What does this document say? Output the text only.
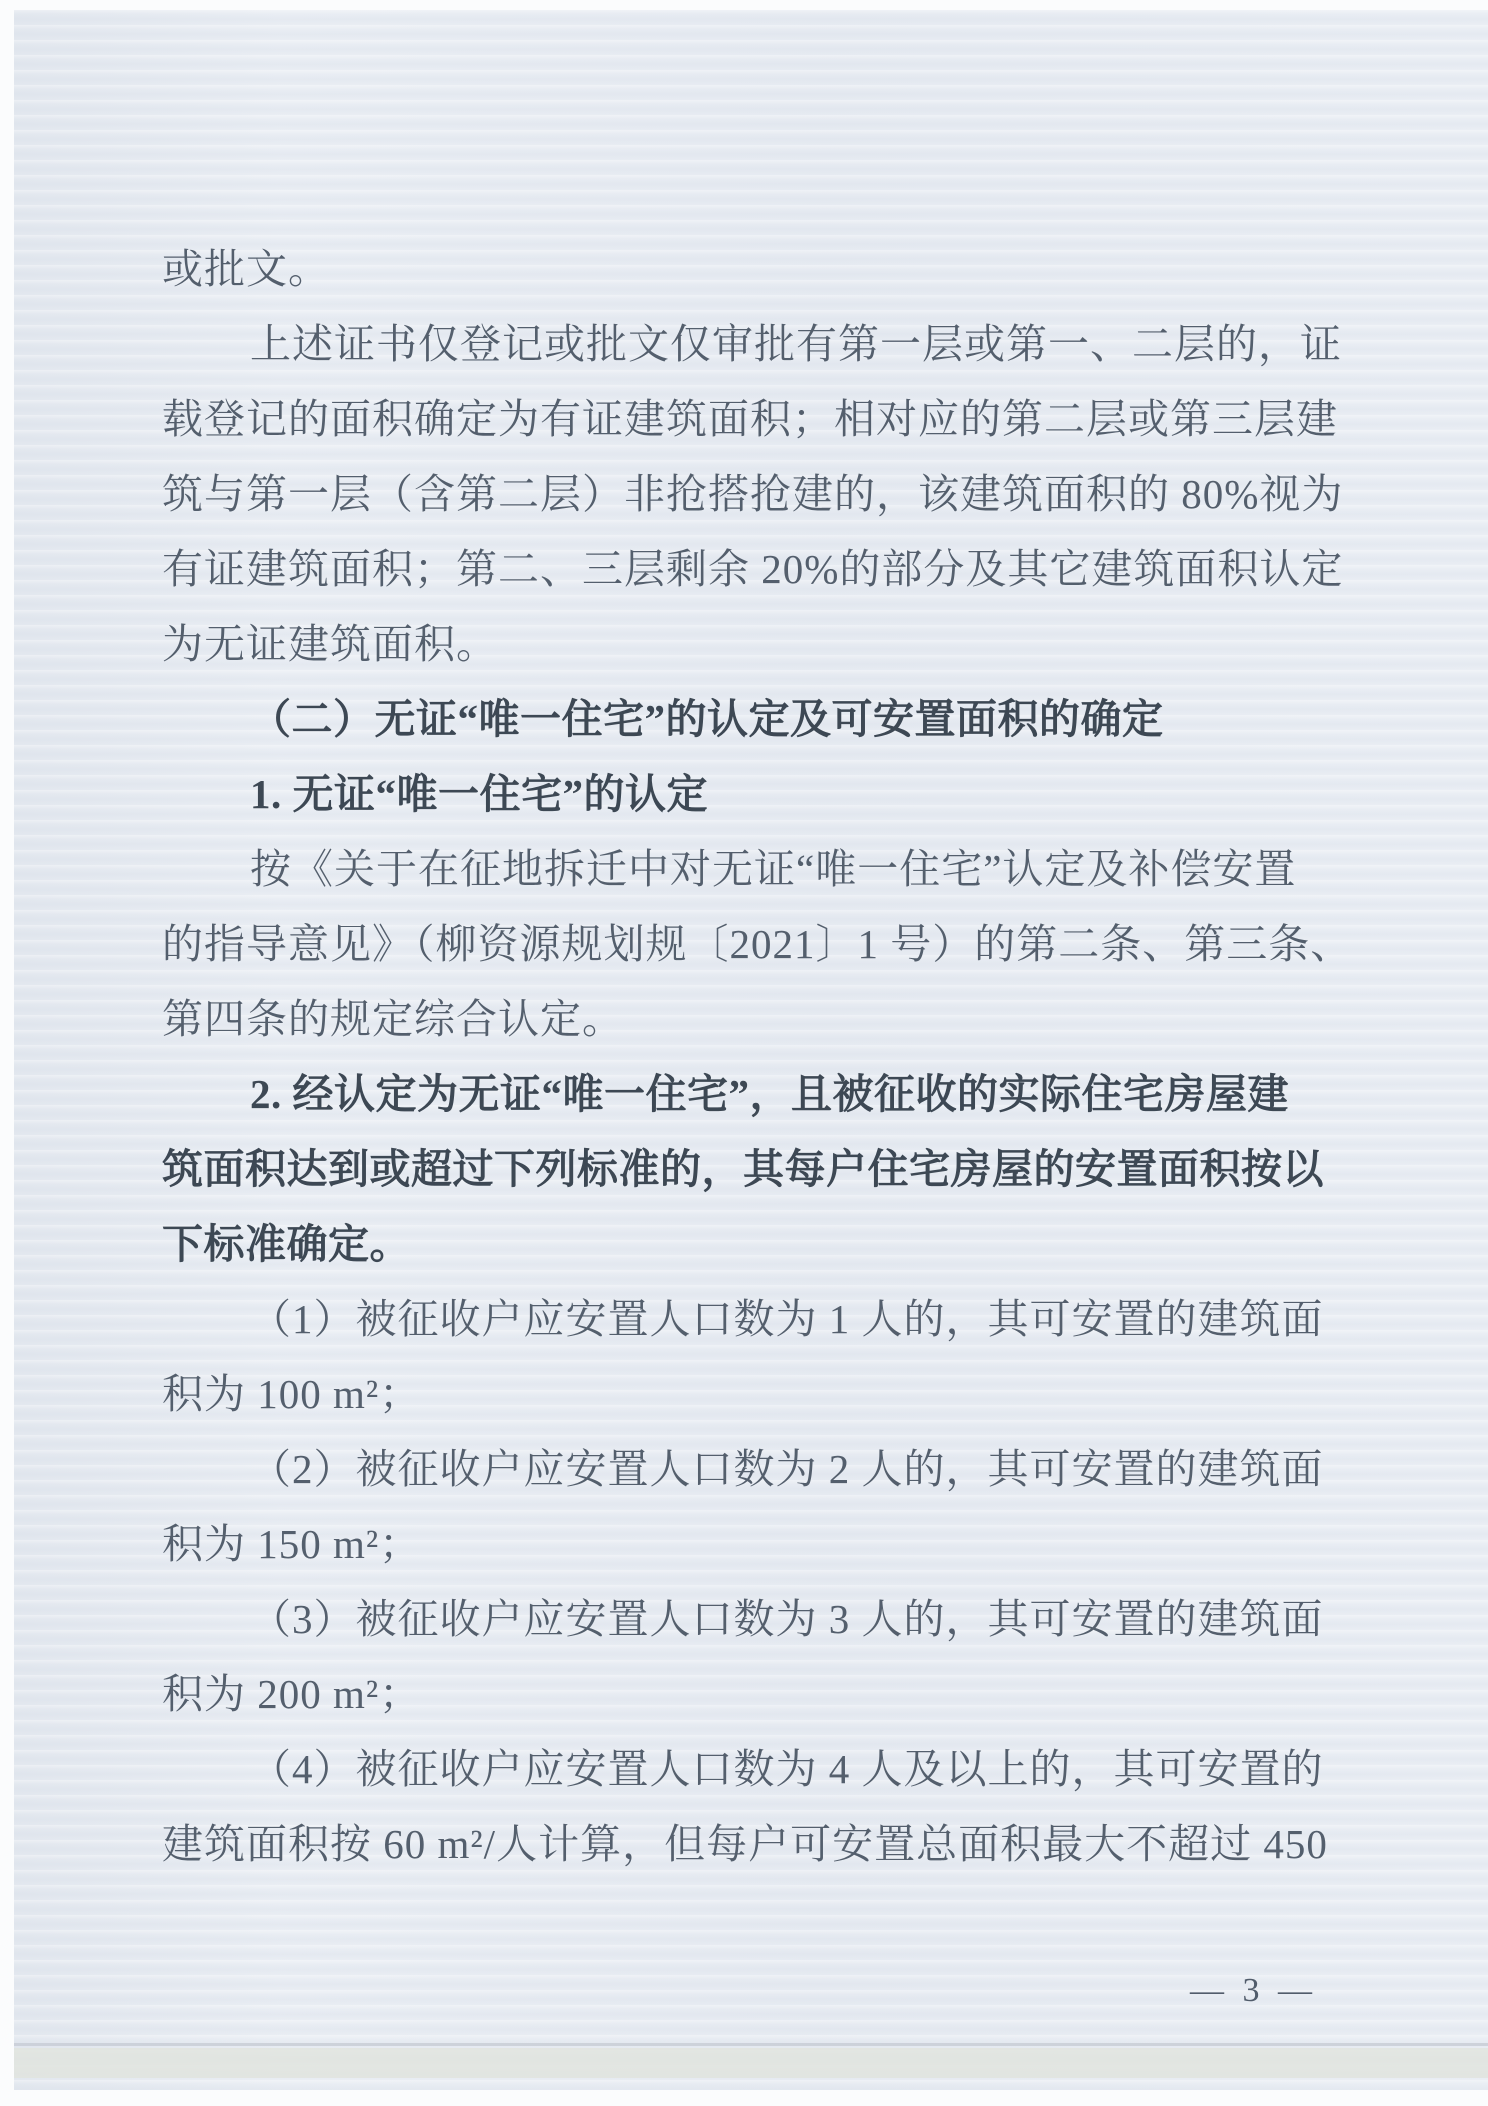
或批文。
上述证书仅登记或批文仅审批有第一层或第一、二层的，证
载登记的面积确定为有证建筑面积；相对应的第二层或第三层建
筑与第一层（含第二层）非抢搭抢建的，该建筑面积的 80%视为
有证建筑面积；第二、三层剩余 20%的部分及其它建筑面积认定
为无证建筑面积。
（二）无证“唯一住宅”的认定及可安置面积的确定
1. 无证“唯一住宅”的认定
按《关于在征地拆迁中对无证“唯一住宅”认定及补偿安置
的指导意见》（柳资源规划规〔2021〕1 号）的第二条、第三条、
第四条的规定综合认定。
2. 经认定为无证“唯一住宅”，且被征收的实际住宅房屋建
筑面积达到或超过下列标准的，其每户住宅房屋的安置面积按以
下标准确定。
（1）被征收户应安置人口数为 1 人的，其可安置的建筑面
积为 100 m²；
（2）被征收户应安置人口数为 2 人的，其可安置的建筑面
积为 150 m²；
（3）被征收户应安置人口数为 3 人的，其可安置的建筑面
积为 200 m²；
（4）被征收户应安置人口数为 4 人及以上的，其可安置的
建筑面积按 60 m²/人计算，但每户可安置总面积最大不超过 450
— 3 —
